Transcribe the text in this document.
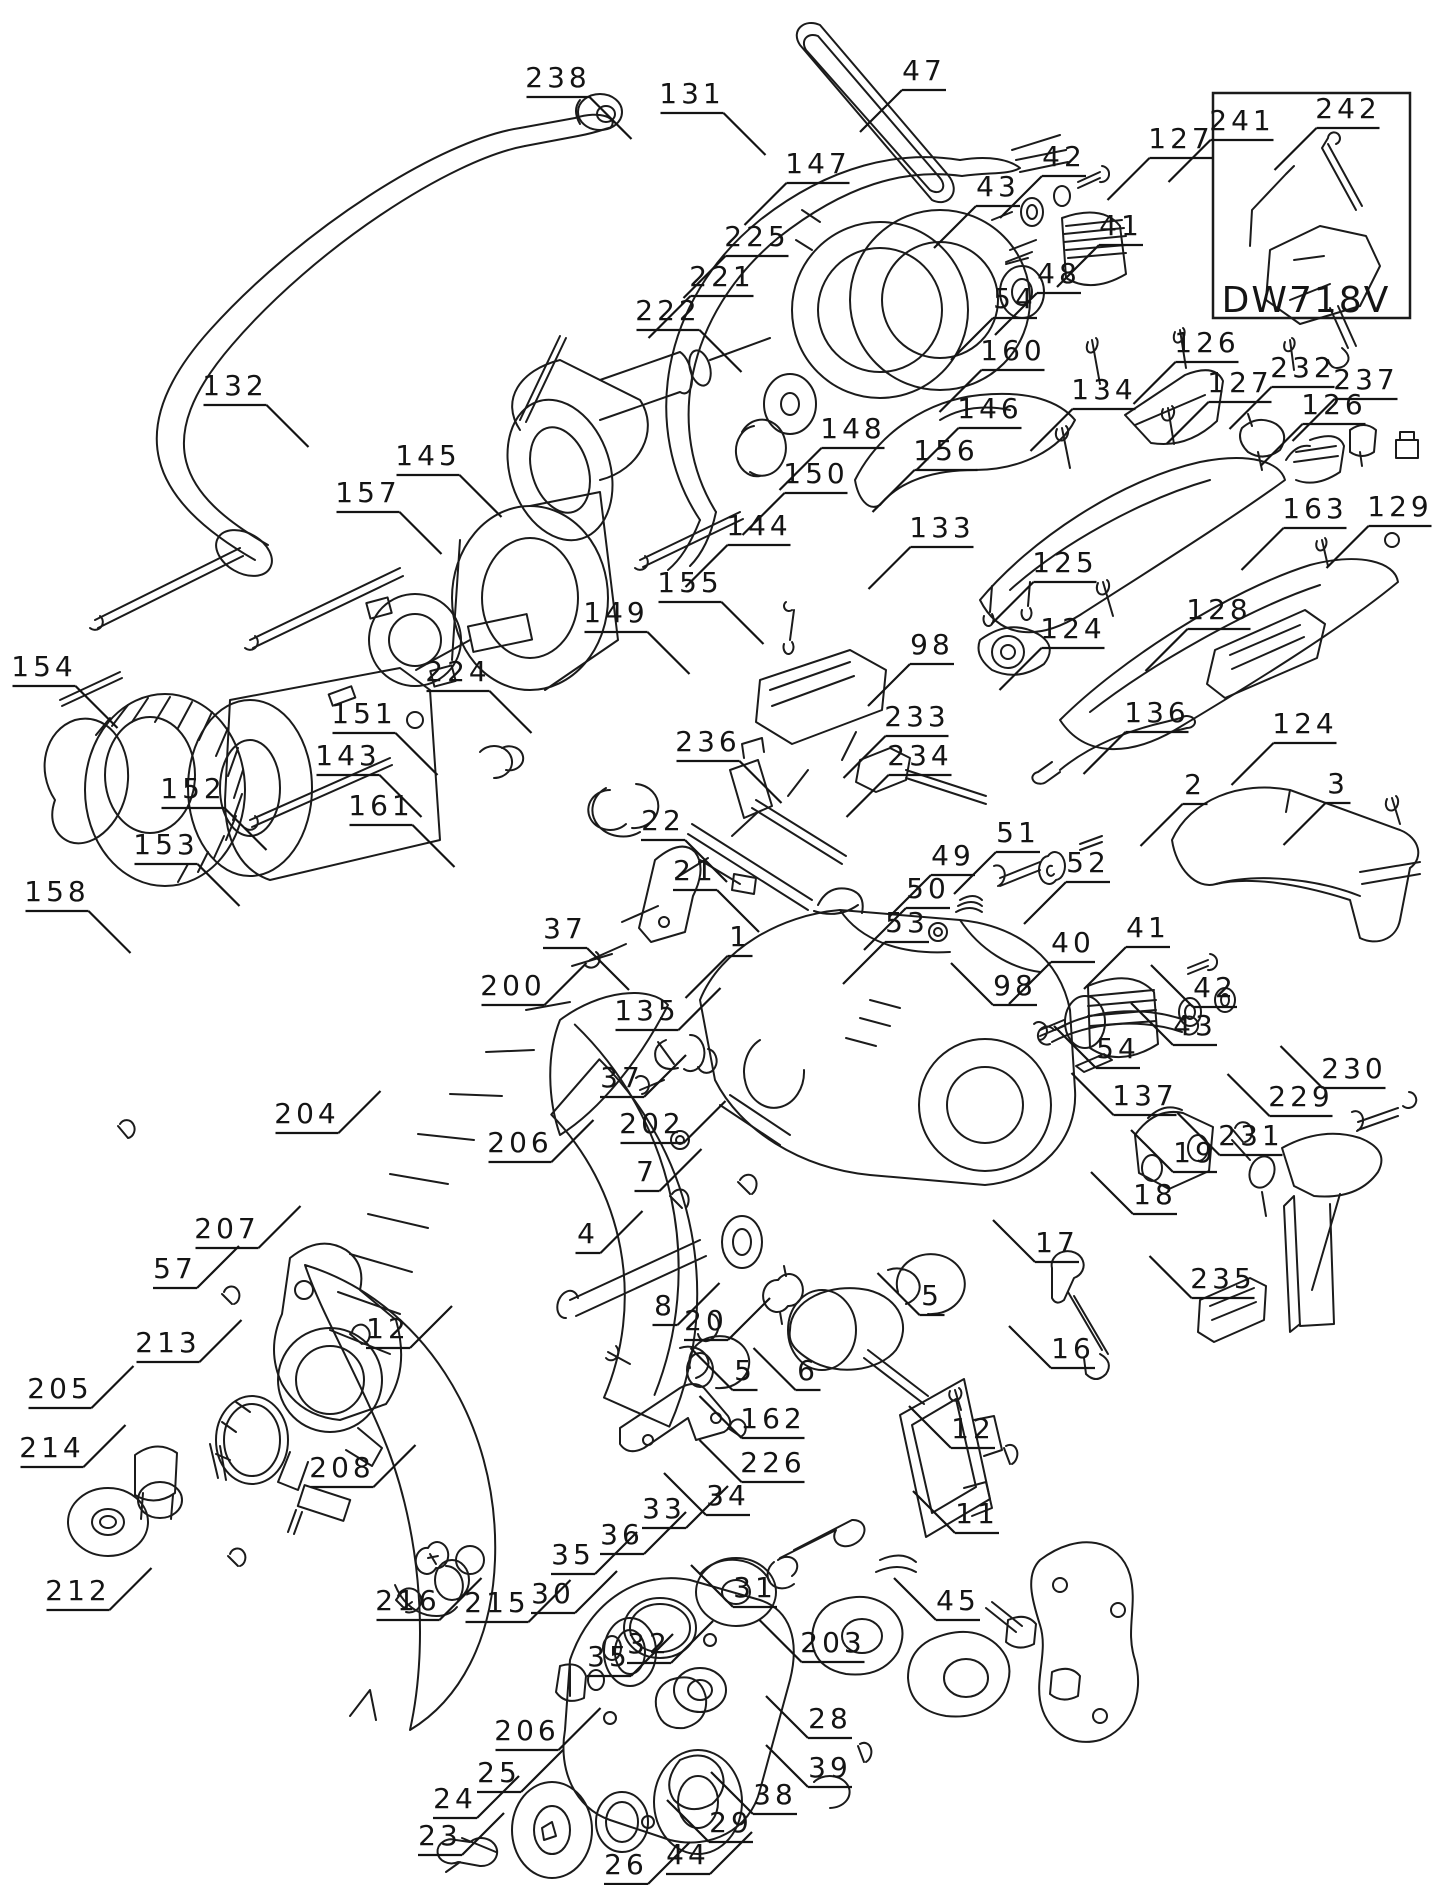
DW718V
238 131
47
147	42
43
41
48
54
225
221
222
160
146
156
148
150
144
155
149
145
157
132
127
241 242
126
127
232
237
126
134
133
125
124
128
163 129
136	124
154
158
153
152
143
151
161
224
98
233
234
236
22
21
37
2	3
51
49	52
50
53
40 41
42
43
98
54
1
135
200
37
202
206
7
4
8 20
5
5 6
17
16
137
19
18
230
229
231
235
204
207
57
213	12
205
214
212
208
216 215
162
226
12
11
33 34
36
35
30	31
203
45
28
39
38
29
44
26
32
35
206
25
24
23
